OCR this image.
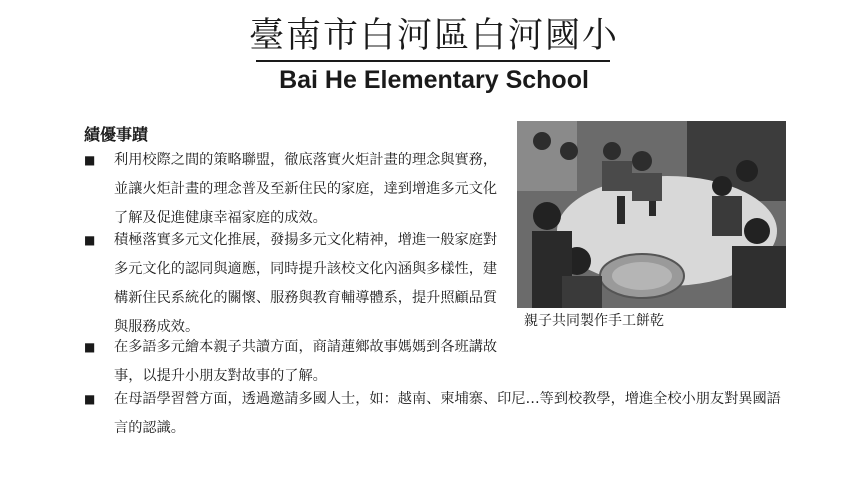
臺南市白河區白河國小
Bai He Elementary School
績優事蹟
■ 利用校際之間的策略聯盟，徹底落實火炬計畫的理念與實務，並讓火炬計畫的理念普及至新住民的家庭，達到增進多元文化了解及促進健康幸福家庭的成效。
■ 積極落實多元文化推展，發揚多元文化精神，增進一般家庭對多元文化的認同與適應，同時提升該校文化內涵與多樣性，建構新住民系統化的關懷、服務與教育輔導體系，提升照顧品質與服務成效。
■ 在多語多元繪本親子共讀方面，商請蓮鄉故事媽媽到各班講故事，以提升小朋友對故事的了解。
■ 在母語學習營方面，透過邀請多國人士，如：越南、柬埔寨、印尼…等到校教學，增進全校小朋友對異國語言的認識。
親子共同製作手工餅乾
